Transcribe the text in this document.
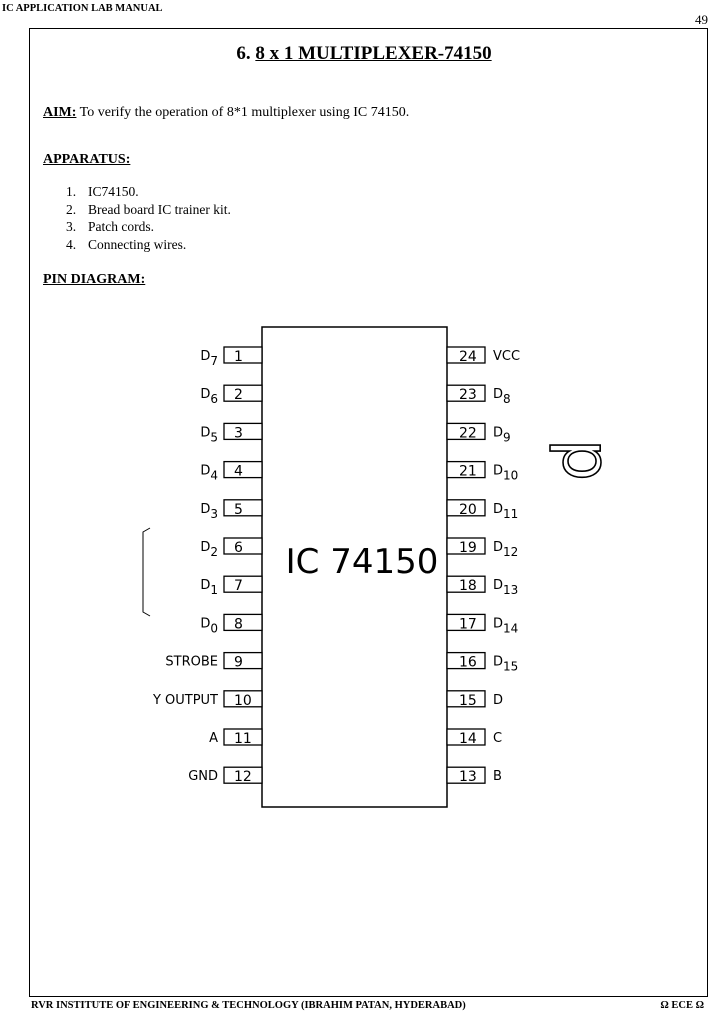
IC APPLICATION LAB MANUAL
49
6. 8 x 1 MULTIPLEXER-74150
AIM: To verify the operation of 8*1 multiplexer using IC 74150.
APPARATUS:
1. IC74150.
2. Bread board IC trainer kit.
3. Patch cords.
4. Connecting wires.
PIN DIAGRAM:
IC 74150
1
D7
2
D6
3
D5
4
D4
5
D3
6
D2
7
D1
8
D0
9
STROBE
10
Y OUTPUT
11
A
12
GND
24 VCC
23 D8
22 D9
21 D10
20 D11
19 D12
18 D13
17 D14
16 D15
15 D
14 C
13 B
d
RVR INSTITUTE OF ENGINEERING & TECHNOLOGY (IBRAHIM PATAN, HYDERABAD)	Ω ECE Ω
